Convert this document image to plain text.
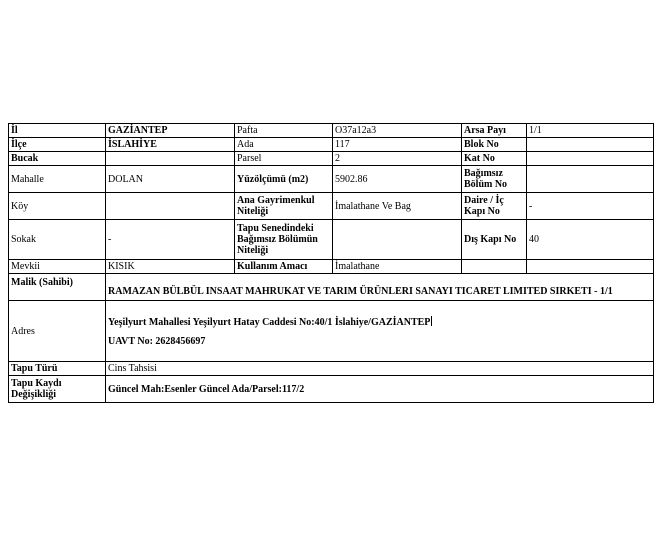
İl	GAZİANTEP	Pafta	O37a12a3	Arsa Payı	1/1
İlçe	İSLAHİYE	Ada	117	Blok No	
Bucak		Parsel	2	Kat No	
Mahalle	DOLAN	Yüzölçümü (m2)	5902.86	Bağımsız Bölüm No	
Köy		Ana Gayrimenkul Niteliği	İmalathane Ve Bag	Daire / İç Kapı No	-
Sokak	-	Tapu Senedindeki Bağımsız Bölümün Niteliği		Dış Kapı No	40
Mevkii	KISIK	Kullanım Amacı	İmalathane		
Malik (Sahibi)	RAMAZAN BÜLBÜL INSAAT MAHRUKAT VE TARIM ÜRÜNLERI SANAYI TICARET LIMITED SIRKETI - 1/1				
Adres	Yeşilyurt Mahallesi Yeşilyurt Hatay Caddesi No:40/1 İslahiye/GAZİANTEP
UAVT No: 2628456697				

Tapu Türü	Cins Tahsisi				
Tapu Kaydı Değişikliği	Güncel Mah:Esenler Güncel Ada/Parsel:117/2				
